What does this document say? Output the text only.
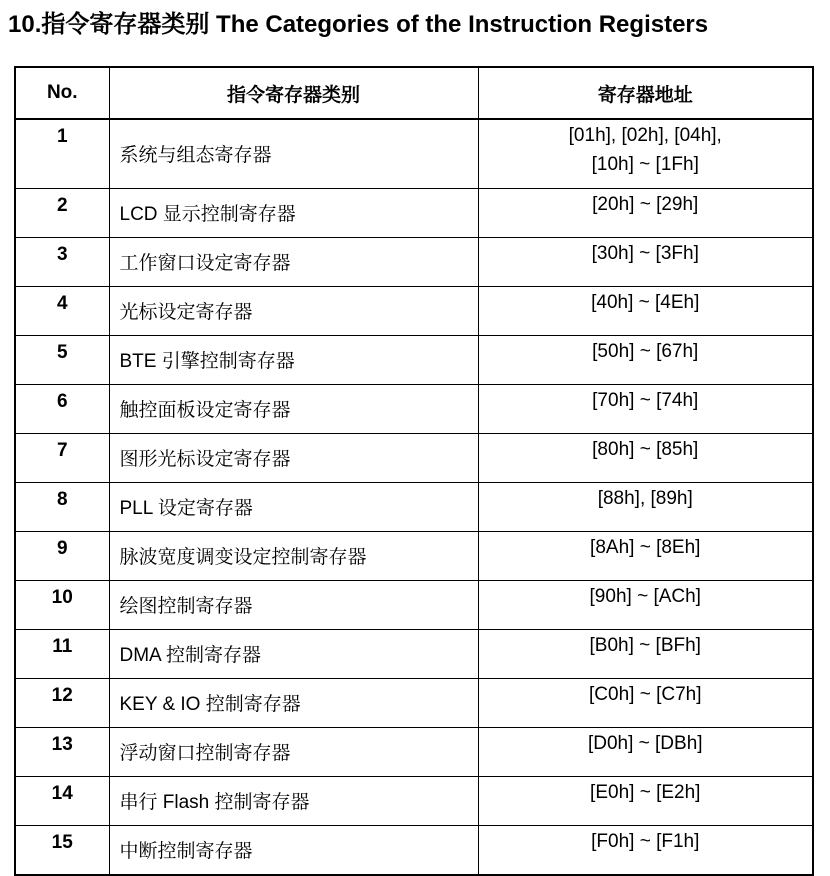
10.指令寄存器类别 The Categories of the Instruction Registers
No.	指令寄存器类别	寄存器地址
1	系统与组态寄存器	[01h], [02h], [04h],
[10h] ~ [1Fh]

2	LCD 显示控制寄存器	[20h] ~ [29h]
3	工作窗口设定寄存器	[30h] ~ [3Fh]
4	光标设定寄存器	[40h] ~ [4Eh]
5	BTE 引擎控制寄存器	[50h] ~ [67h]
6	触控面板设定寄存器	[70h] ~ [74h]
7	图形光标设定寄存器	[80h] ~ [85h]
8	PLL 设定寄存器	[88h], [89h]
9	脉波宽度调变设定控制寄存器	[8Ah] ~ [8Eh]
10	绘图控制寄存器	[90h] ~ [ACh]
11	DMA 控制寄存器	[B0h] ~ [BFh]
12	KEY & IO 控制寄存器	[C0h] ~ [C7h]
13	浮动窗口控制寄存器	[D0h] ~ [DBh]
14	串行 Flash 控制寄存器	[E0h] ~ [E2h]
15	中断控制寄存器	[F0h] ~ [F1h]
